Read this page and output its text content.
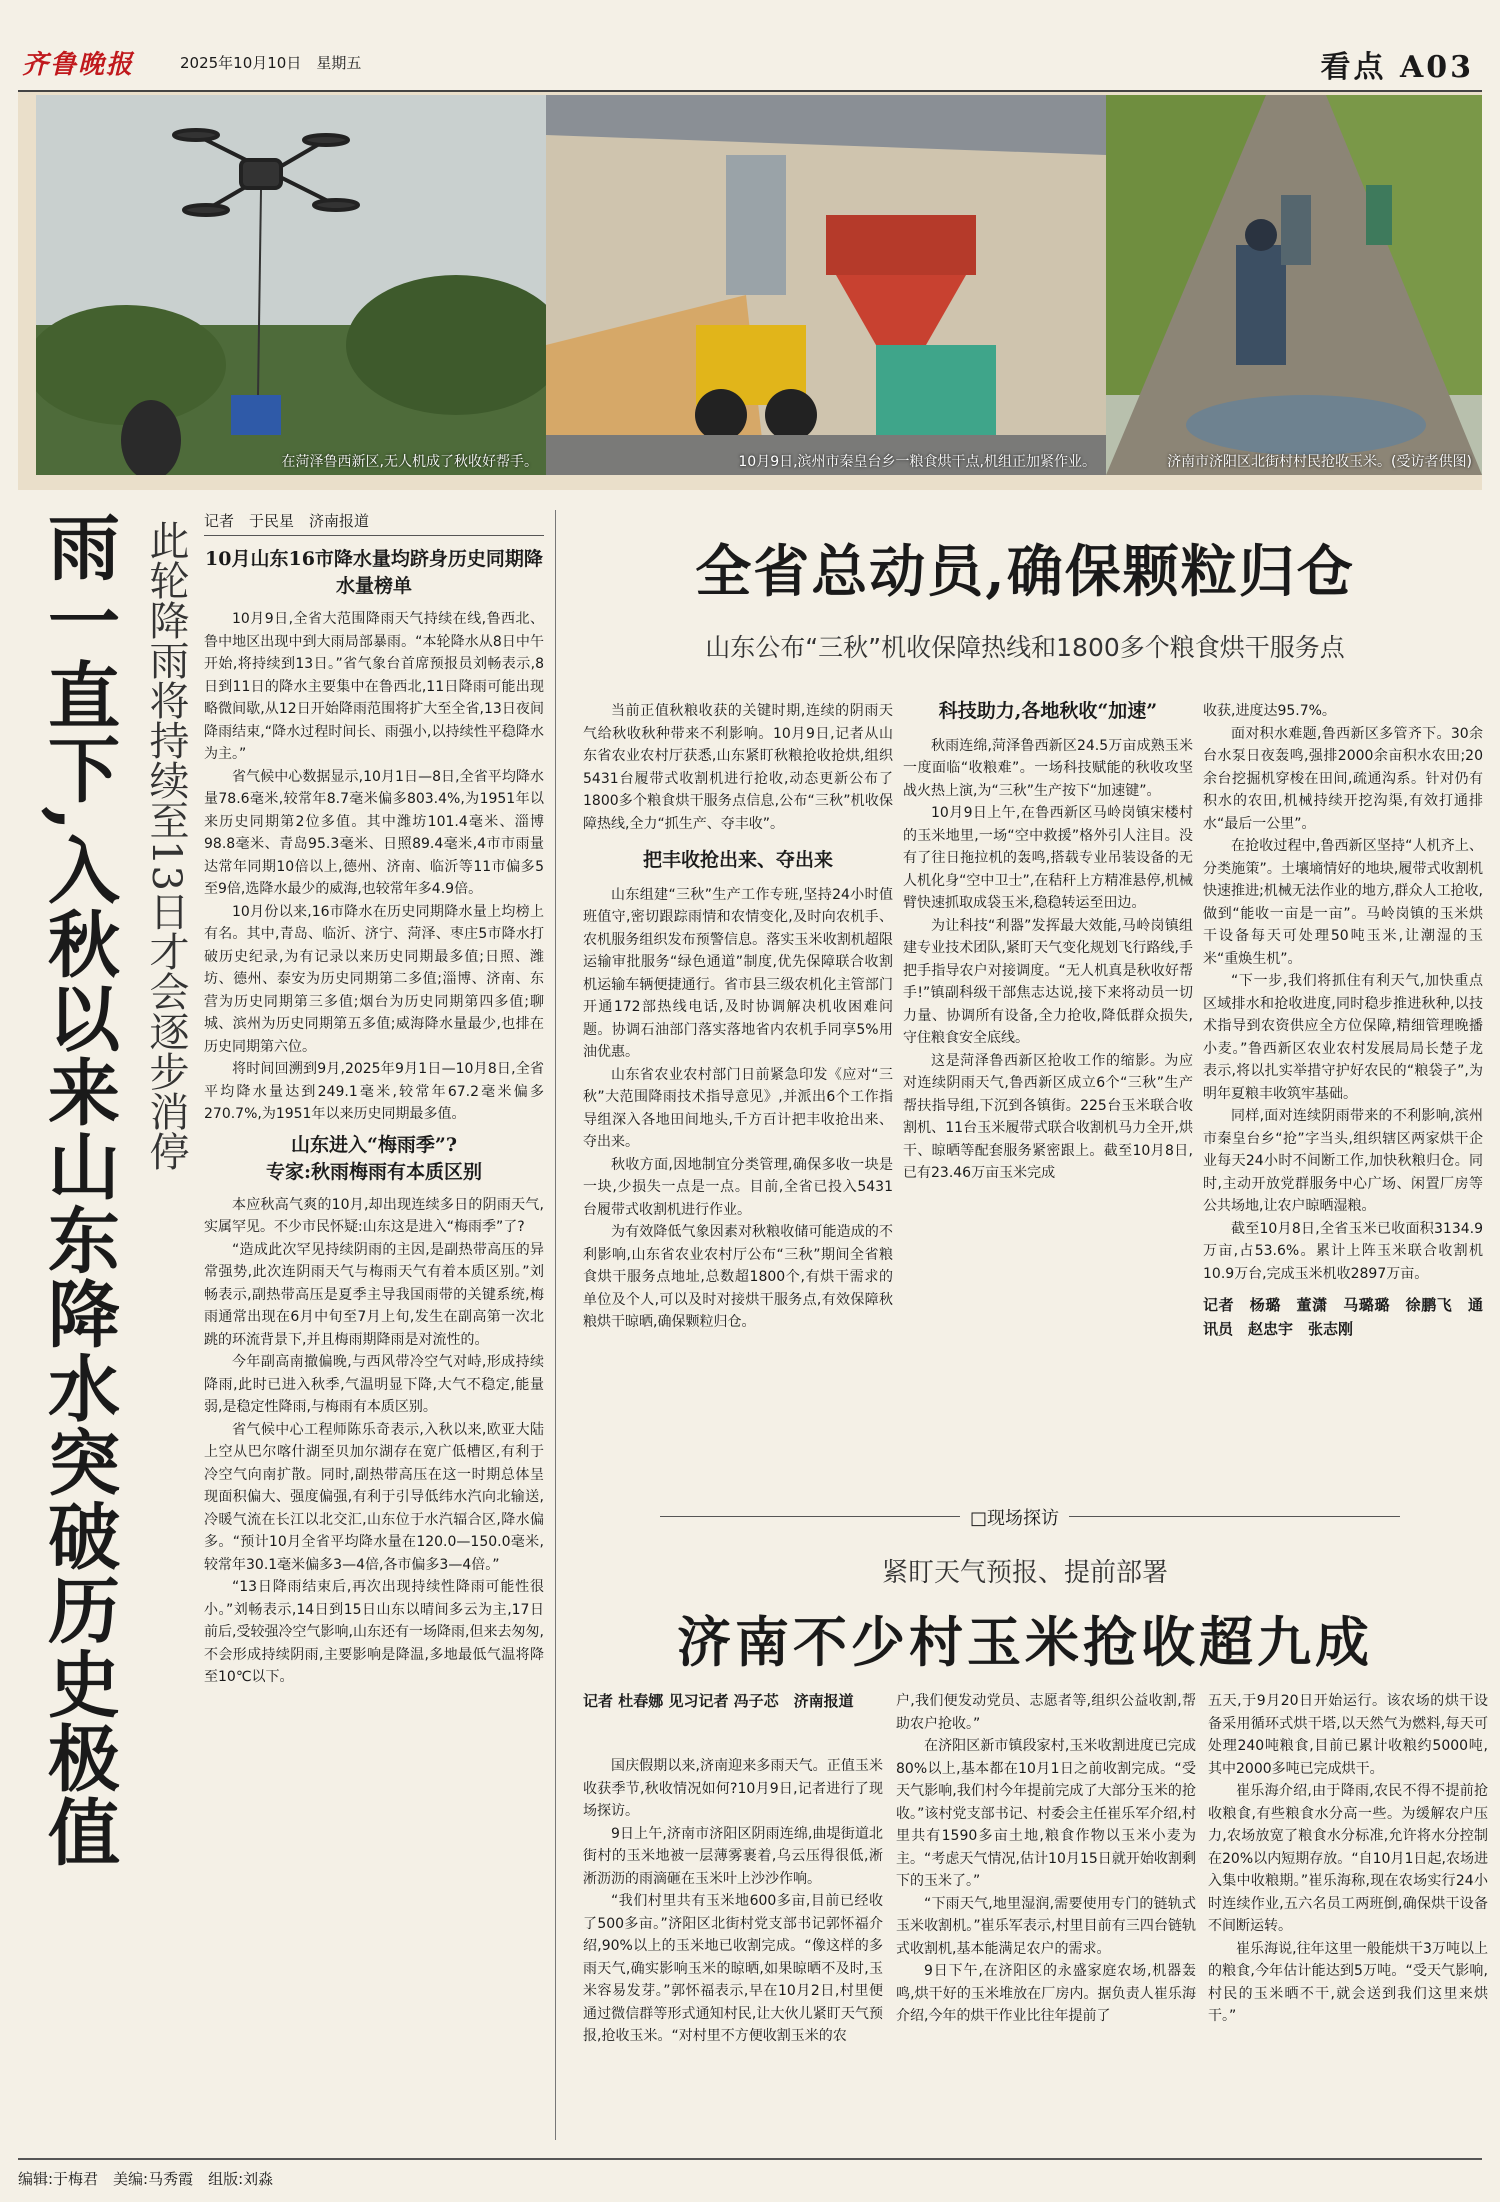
齐鲁晚报	2025年10月10日　星期五	看点 A03
在菏泽鲁西新区,无人机成了秋收好帮手。	10月9日,滨州市秦皇台乡一粮食烘干点,机组正加紧作业。	济南市济阳区北街村村民抢收玉米。(受访者供图)
雨一直下,入秋以来山东降水突破历史极值 此轮降雨将持续至13日才会逐步消停 记者　于民星　济南报道
10月山东16市降水量均跻身历史同期降水量榜单

10月9日,全省大范围降雨天气持续在线,鲁西北、鲁中地区出现中到大雨局部暴雨。“本轮降水从8日中午开始,将持续到13日。”省气象台首席预报员刘畅表示,8日到11日的降水主要集中在鲁西北,11日降雨可能出现略微间歇,从12日开始降雨范围将扩大至全省,13日夜间降雨结束,“降水过程时间长、雨强小,以持续性平稳降水为主。”

省气候中心数据显示,10月1日—8日,全省平均降水量78.6毫米,较常年8.7毫米偏多803.4%,为1951年以来历史同期第2位多值。其中潍坊101.4毫米、淄博98.8毫米、青岛95.3毫米、日照89.4毫米,4市市雨量达常年同期10倍以上,德州、济南、临沂等11市偏多5至9倍,选降水最少的威海,也较常年多4.9倍。

10月份以来,16市降水在历史同期降水量上均榜上有名。其中,青岛、临沂、济宁、菏泽、枣庄5市降水打破历史纪录,为有记录以来历史同期最多值;日照、潍坊、德州、泰安为历史同期第二多值;淄博、济南、东营为历史同期第三多值;烟台为历史同期第四多值;聊城、滨州为历史同期第五多值;威海降水量最少,也排在历史同期第六位。

将时间回溯到9月,2025年9月1日—10月8日,全省平均降水量达到249.1毫米,较常年67.2毫米偏多270.7%,为1951年以来历史同期最多值。

山东进入“梅雨季”?
专家:秋雨梅雨有本质区别

本应秋高气爽的10月,却出现连续多日的阴雨天气,实属罕见。不少市民怀疑:山东这是进入“梅雨季”了?

“造成此次罕见持续阴雨的主因,是副热带高压的异常强势,此次连阴雨天气与梅雨天气有着本质区别。”刘畅表示,副热带高压是夏季主导我国雨带的关键系统,梅雨通常出现在6月中旬至7月上旬,发生在副高第一次北跳的环流背景下,并且梅雨期降雨是对流性的。

今年副高南撤偏晚,与西风带冷空气对峙,形成持续降雨,此时已进入秋季,气温明显下降,大气不稳定,能量弱,是稳定性降雨,与梅雨有本质区别。

省气候中心工程师陈乐奇表示,入秋以来,欧亚大陆上空从巴尔喀什湖至贝加尔湖存在宽广低槽区,有利于冷空气向南扩散。同时,副热带高压在这一时期总体呈现面积偏大、强度偏强,有利于引导低纬水汽向北输送,冷暖气流在长江以北交汇,山东位于水汽辐合区,降水偏多。“预计10月全省平均降水量在120.0—150.0毫米,较常年30.1毫米偏多3—4倍,各市偏多3—4倍。”

“13日降雨结束后,再次出现持续性降雨可能性很小。”刘畅表示,14日到15日山东以晴间多云为主,17日前后,受较强冷空气影响,山东还有一场降雨,但来去匆匆,不会形成持续阴雨,主要影响是降温,多地最低气温将降至10℃以下。

全省总动员,确保颗粒归仓
山东公布“三秋”机收保障热线和1800多个粮食烘干服务点

当前正值秋粮收获的关键时期,连续的阴雨天气给秋收秋种带来不利影响。10月9日,记者从山东省农业农村厅获悉,山东紧盯秋粮抢收抢烘,组织5431台履带式收割机进行抢收,动态更新公布了1800多个粮食烘干服务点信息,公布“三秋”机收保障热线,全力“抓生产、夺丰收”。

把丰收抢出来、夺出来

山东组建“三秋”生产工作专班,坚持24小时值班值守,密切跟踪雨情和农情变化,及时向农机手、农机服务组织发布预警信息。落实玉米收割机超限运输审批服务“绿色通道”制度,优先保障联合收割机运输车辆便捷通行。省市县三级农机化主管部门开通172部热线电话,及时协调解决机收困难问题。协调石油部门落实落地省内农机手同享5%用油优惠。

山东省农业农村部门日前紧急印发《应对“三秋”大范围降雨技术指导意见》,并派出6个工作指导组深入各地田间地头,千方百计把丰收抢出来、夺出来。

秋收方面,因地制宜分类管理,确保多收一块是一块,少损失一点是一点。目前,全省已投入5431台履带式收割机进行作业。

为有效降低气象因素对秋粮收储可能造成的不利影响,山东省农业农村厅公布“三秋”期间全省粮食烘干服务点地址,总数超1800个,有烘干需求的单位及个人,可以及时对接烘干服务点,有效保障秋粮烘干晾晒,确保颗粒归仓。

科技助力,各地秋收“加速”

秋雨连绵,菏泽鲁西新区24.5万亩成熟玉米一度面临“收粮难”。一场科技赋能的秋收攻坚战火热上演,为“三秋”生产按下“加速键”。

10月9日上午,在鲁西新区马岭岗镇宋楼村的玉米地里,一场“空中救援”格外引人注目。没有了往日拖拉机的轰鸣,搭载专业吊装设备的无人机化身“空中卫士”,在秸秆上方精准悬停,机械臂快速抓取成袋玉米,稳稳转运至田边。

为让科技“利器”发挥最大效能,马岭岗镇组建专业技术团队,紧盯天气变化规划飞行路线,手把手指导农户对接调度。“无人机真是秋收好帮手!”镇副科级干部焦志达说,接下来将动员一切力量、协调所有设备,全力抢收,降低群众损失,守住粮食安全底线。

这是菏泽鲁西新区抢收工作的缩影。为应对连续阴雨天气,鲁西新区成立6个“三秋”生产帮扶指导组,下沉到各镇街。225台玉米联合收割机、11台玉米履带式联合收割机马力全开,烘干、晾晒等配套服务紧密跟上。截至10月8日,已有23.46万亩玉米完成

收获,进度达95.7%。

面对积水难题,鲁西新区多管齐下。30余台水泵日夜轰鸣,强排2000余亩积水农田;20余台挖掘机穿梭在田间,疏通沟系。针对仍有积水的农田,机械持续开挖沟渠,有效打通排水“最后一公里”。

在抢收过程中,鲁西新区坚持“人机齐上、分类施策”。土壤墒情好的地块,履带式收割机快速推进;机械无法作业的地方,群众人工抢收,做到“能收一亩是一亩”。马岭岗镇的玉米烘干设备每天可处理50吨玉米,让潮湿的玉米“重焕生机”。

“下一步,我们将抓住有利天气,加快重点区域排水和抢收进度,同时稳步推进秋种,以技术指导到农资供应全方位保障,精细管理晚播小麦。”鲁西新区农业农村发展局局长楚子龙表示,将以扎实举措守护好农民的“粮袋子”,为明年夏粮丰收筑牢基础。

同样,面对连续阴雨带来的不利影响,滨州市秦皇台乡“抢”字当头,组织辖区两家烘干企业每天24小时不间断工作,加快秋粮归仓。同时,主动开放党群服务中心广场、闲置厂房等公共场地,让农户晾晒湿粮。

截至10月8日,全省玉米已收面积3134.9万亩,占53.6%。累计上阵玉米联合收割机10.9万台,完成玉米机收2897万亩。

记者　杨璐　董潇　马璐璐　徐鹏飞　通讯员　赵忠宇　张志刚
□现场探访
紧盯天气预报、提前部署
济南不少村玉米抢收超九成
记者 杜春娜 见习记者 冯子芯　济南报道

国庆假期以来,济南迎来多雨天气。正值玉米收获季节,秋收情况如何?10月9日,记者进行了现场探访。

9日上午,济南市济阳区阴雨连绵,曲堤街道北街村的玉米地被一层薄雾裹着,乌云压得很低,淅淅沥沥的雨滴砸在玉米叶上沙沙作响。

“我们村里共有玉米地600多亩,目前已经收了500多亩。”济阳区北街村党支部书记郭怀福介绍,90%以上的玉米地已收割完成。“像这样的多雨天气,确实影响玉米的晾晒,如果晾晒不及时,玉米容易发芽。”郭怀福表示,早在10月2日,村里便通过微信群等形式通知村民,让大伙儿紧盯天气预报,抢收玉米。“对村里不方便收割玉米的农

户,我们便发动党员、志愿者等,组织公益收割,帮助农户抢收。”

在济阳区新市镇段家村,玉米收割进度已完成80%以上,基本都在10月1日之前收割完成。“受天气影响,我们村今年提前完成了大部分玉米的抢收。”该村党支部书记、村委会主任崔乐军介绍,村里共有1590多亩土地,粮食作物以玉米小麦为主。“考虑天气情况,估计10月15日就开始收割剩下的玉米了。”

“下雨天气,地里湿润,需要使用专门的链轨式玉米收割机。”崔乐军表示,村里目前有三四台链轨式收割机,基本能满足农户的需求。

9日下午,在济阳区的永盛家庭农场,机器轰鸣,烘干好的玉米堆放在厂房内。据负责人崔乐海介绍,今年的烘干作业比往年提前了

五天,于9月20日开始运行。该农场的烘干设备采用循环式烘干塔,以天然气为燃料,每天可处理240吨粮食,目前已累计收粮约5000吨,其中2000多吨已完成烘干。

崔乐海介绍,由于降雨,农民不得不提前抢收粮食,有些粮食水分高一些。为缓解农户压力,农场放宽了粮食水分标准,允许将水分控制在20%以内短期存放。“自10月1日起,农场进入集中收粮期。”崔乐海称,现在农场实行24小时连续作业,五六名员工两班倒,确保烘干设备不间断运转。

崔乐海说,往年这里一般能烘干3万吨以上的粮食,今年估计能达到5万吨。“受天气影响,村民的玉米晒不干,就会送到我们这里来烘干。”

编辑:于梅君　美编:马秀霞　组版:刘淼
